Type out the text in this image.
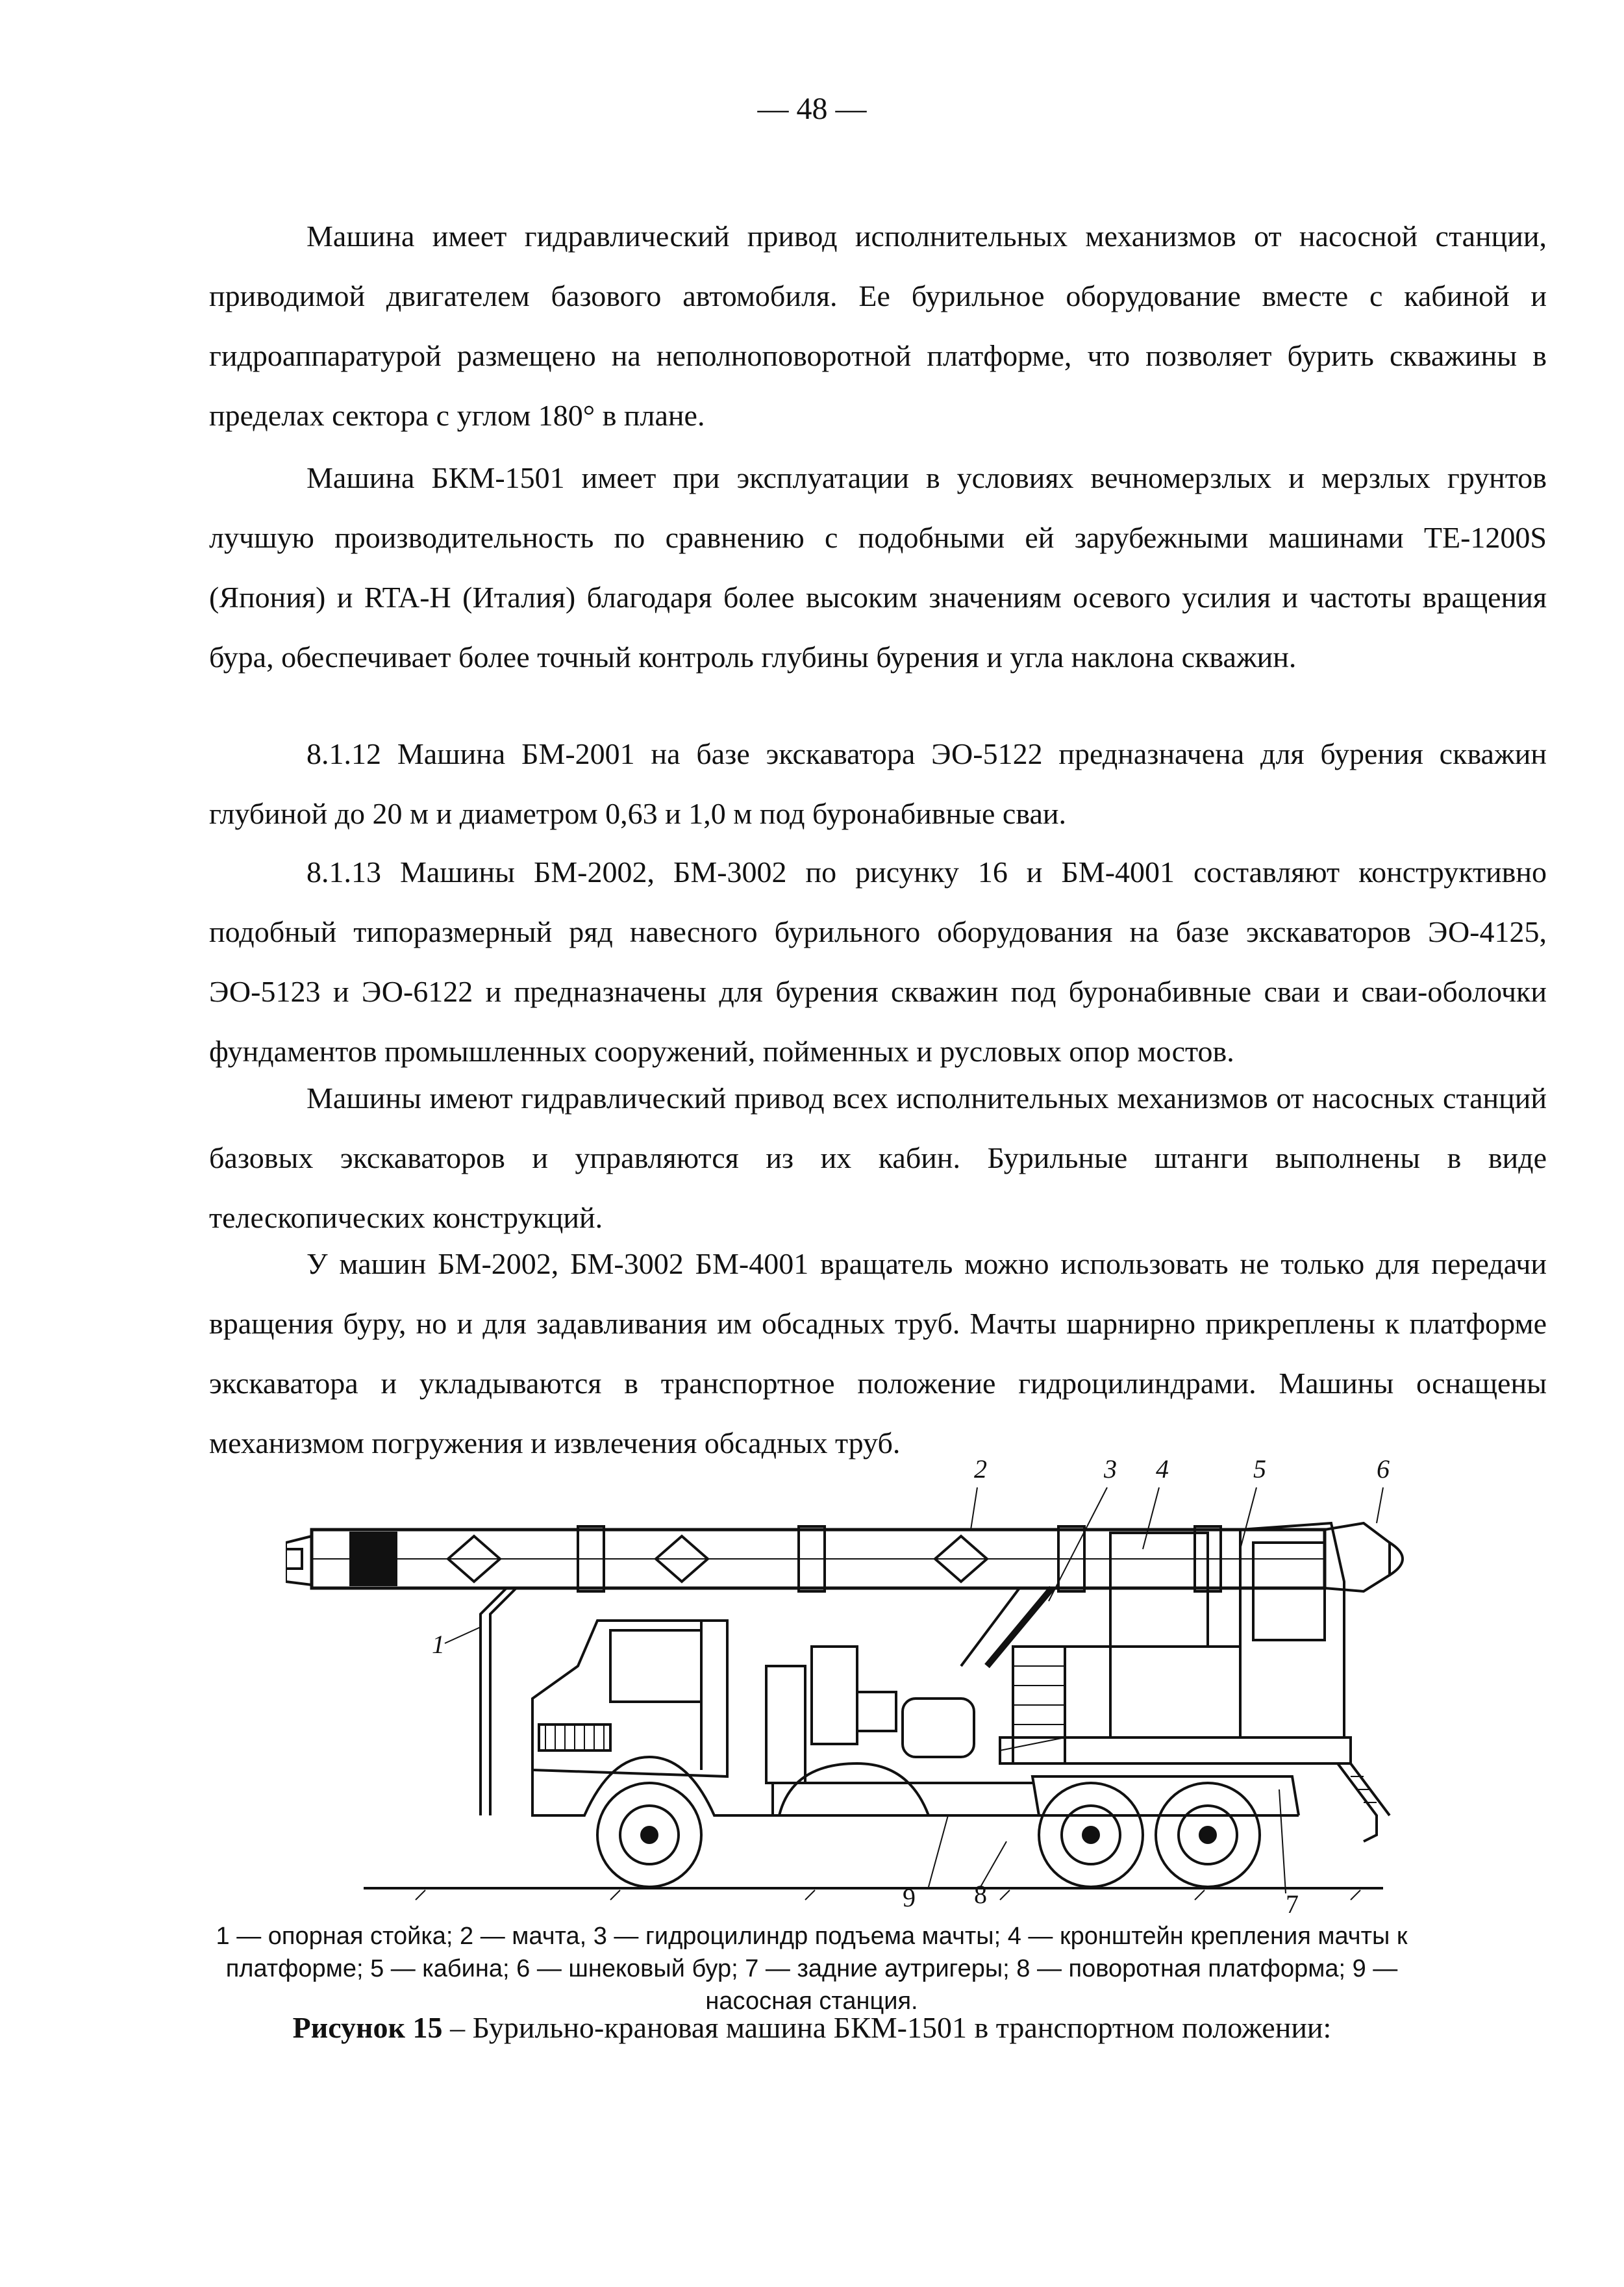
— 48 —

Машина имеет гидравлический привод исполнительных механизмов от насосной станции, приводимой двигателем базового автомобиля. Ее бурильное оборудование вместе с кабиной и гидроаппаратурой размещено на неполноповоротной платформе, что позволяет бурить скважины в пределах сектора с углом 180° в плане.

Машина БКМ-1501 имеет при эксплуатации в условиях вечномерзлых и мерзлых грунтов лучшую производительность по сравнению с подобными ей зарубежными машинами ТЕ-1200S (Япония) и RTA-H (Италия) благодаря более высоким значениям осевого усилия и частоты вращения бура, обеспечивает более точный контроль глубины бурения и угла наклона скважин.

8.1.12 Машина БМ-2001 на базе экскаватора ЭО-5122 предназначена для бурения скважин глубиной до 20 м и диаметром 0,63 и 1,0 м под буронабивные сваи.

8.1.13 Машины БМ-2002, БМ-3002 по рисунку 16 и БМ-4001 составляют конструктивно подобный типоразмерный ряд навесного бурильного оборудования на базе экскаваторов ЭО-4125, ЭО-5123 и ЭО-6122 и предназначены для бурения скважин под буронабивные сваи и сваи-оболочки фундаментов промышленных сооружений, пойменных и русловых опор мостов.

Машины имеют гидравлический привод всех исполнительных механизмов от насосных станций базовых экскаваторов и управляются из их кабин. Бурильные штанги выполнены в виде телескопических конструкций.

У машин БМ-2002, БМ-3002 БМ-4001 вращатель можно использовать не только для передачи вращения буру, но и для задавливания им обсадных труб. Мачты шарнирно прикреплены к платформе экскаватора и укладываются в транспортное положение гидроцилиндрами. Машины оснащены механизмом погружения и извлечения обсадных труб.

2	3 4	5	6
1
9 8	7
1 — опорная стойка; 2 — мачта, 3 — гидроцилиндр подъема мачты; 4 — кронштейн крепления мачты к платформе; 5 — кабина; 6 — шнековый бур; 7 — задние аутригеры; 8 — поворотная платформа; 9 — насосная станция.
Рисунок 15 – Бурильно-крановая машина БКМ-1501 в транспортном положении:
